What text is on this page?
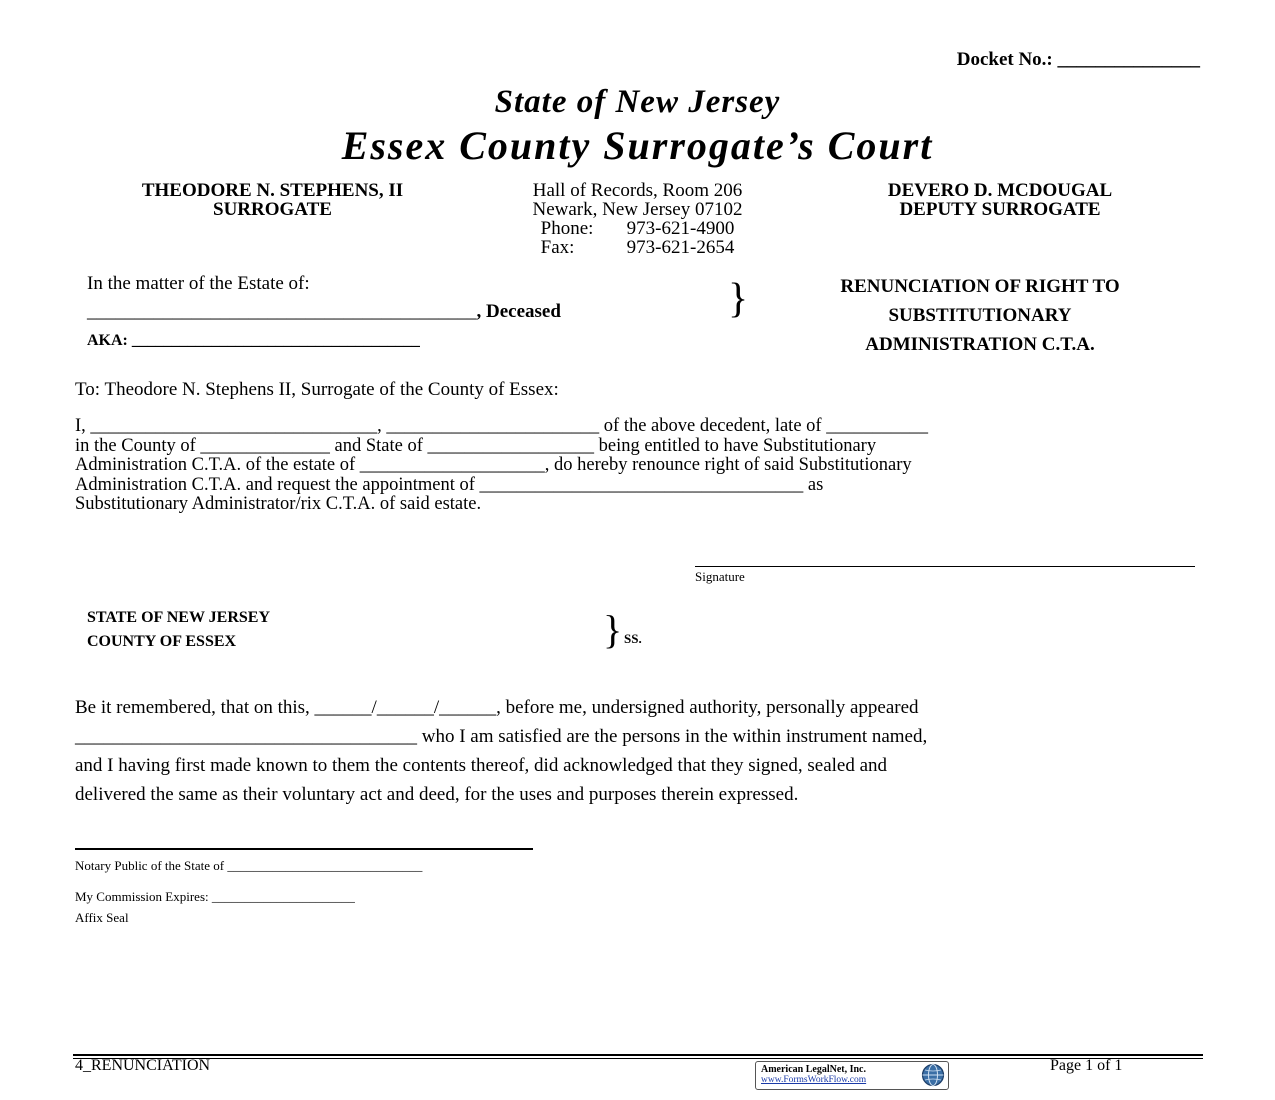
Docket No.: _______________
State of New Jersey
Essex County Surrogate’s Court
THEODORE N. STEPHENS, II
SURROGATE
Hall of Records, Room 206
Newark, New Jersey 07102
Phone:	973-621-4900
Fax:	973-621-2654
DEVERO D. MCDOUGAL
DEPUTY SURROGATE
In the matter of the Estate of:
_________________________________________, Deceased
AKA: ____________________________________
}	RENUNCIATION OF RIGHT TO
SUBSTITUTIONARY
ADMINISTRATION C.T.A.
To: Theodore N. Stephens II, Surrogate of the County of Essex:
I, _______________________________, _______________________ of the above decedent, late of ___________
in the County of ______________ and State of __________________ being entitled to have Substitutionary
Administration C.T.A. of the estate of ____________________, do hereby renounce right of said Substitutionary
Administration C.T.A. and request the appointment of ___________________________________ as
Substitutionary Administrator/rix C.T.A. of said estate.
Signature
STATE OF NEW JERSEY
COUNTY OF ESSEX	} SS.
Be it remembered, that on this, ______/______/______, before me, undersigned authority, personally appeared
____________________________________ who I am satisfied are the persons in the within instrument named,
and I having first made known to them the contents thereof, did acknowledged that they signed, sealed and
delivered the same as their voluntary act and deed, for the uses and purposes therein expressed.
Notary Public of the State of ______________________________
My Commission Expires: ______________________
Affix Seal
4_RENUNCIATION	American LegalNet, Inc.
www.FormsWorkFlow.com
Page 1 of 1
